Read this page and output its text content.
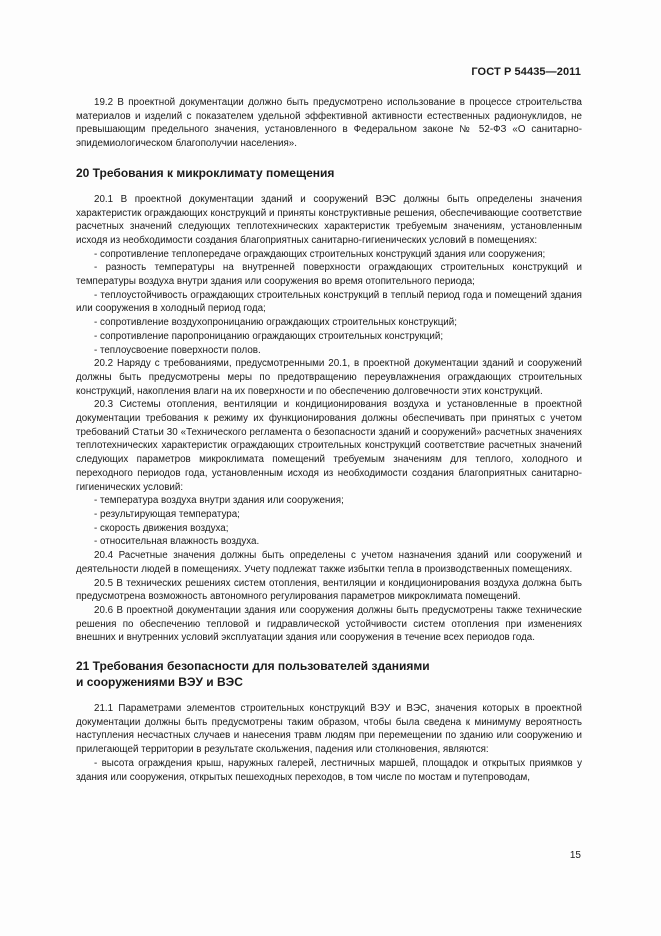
ГОСТ Р 54435—2011

19.2 В проектной документации должно быть предусмотрено использование в процессе строительства материалов и изделий с показателем удельной эффективной активности естественных радионуклидов, не превышающим предельного значения, установленного в Федеральном законе № 52-ФЗ «О санитарно-эпидемиологическом благополучии населения».

20 Требования к микроклимату помещения

20.1 В проектной документации зданий и сооружений ВЭС должны быть определены значения характеристик ограждающих конструкций и приняты конструктивные решения, обеспечивающие соответствие расчетных значений следующих теплотехнических характеристик требуемым значениям, установленным исходя из необходимости создания благоприятных санитарно-гигиенических условий в помещениях:

- сопротивление теплопередаче ограждающих строительных конструкций здания или сооружения;

- разность температуры на внутренней поверхности ограждающих строительных конструкций и температуры воздуха внутри здания или сооружения во время отопительного периода;

- теплоустойчивость ограждающих строительных конструкций в теплый период года и помещений здания или сооружения в холодный период года;

- сопротивление воздухопроницанию ограждающих строительных конструкций;

- сопротивление паропроницанию ограждающих строительных конструкций;

- теплоусвоение поверхности полов.

20.2 Наряду с требованиями, предусмотренными 20.1, в проектной документации зданий и сооружений должны быть предусмотрены меры по предотвращению переувлажнения ограждающих строительных конструкций, накопления влаги на их поверхности и по обеспечению долговечности этих конструкций.

20.3 Системы отопления, вентиляции и кондиционирования воздуха и установленные в проектной документации требования к режиму их функционирования должны обеспечивать при принятых с учетом требований Статьи 30 «Технического регламента о безопасности зданий и сооружений» расчетных значениях теплотехнических характеристик ограждающих строительных конструкций соответствие расчетных значений следующих параметров микроклимата помещений требуемым значениям для теплого, холодного и переходного периодов года, установленным исходя из необходимости создания благоприятных санитарно-гигиенических условий:

- температура воздуха внутри здания или сооружения;

- результирующая температура;

- скорость движения воздуха;

- относительная влажность воздуха.

20.4 Расчетные значения должны быть определены с учетом назначения зданий или сооружений и деятельности людей в помещениях. Учету подлежат также избытки тепла в производственных помещениях.

20.5 В технических решениях систем отопления, вентиляции и кондиционирования воздуха должна быть предусмотрена возможность автономного регулирования параметров микроклимата помещений.

20.6 В проектной документации здания или сооружения должны быть предусмотрены также технические решения по обеспечению тепловой и гидравлической устойчивости систем отопления при изменениях внешних и внутренних условий эксплуатации здания или сооружения в течение всех периодов года.

21 Требования безопасности для пользователей зданиями
и сооружениями ВЭУ и ВЭС

21.1 Параметрами элементов строительных конструкций ВЭУ и ВЭС, значения которых в проектной документации должны быть предусмотрены таким образом, чтобы была сведена к минимуму вероятность наступления несчастных случаев и нанесения травм людям при перемещении по зданию или сооружению и прилегающей территории в результате скольжения, падения или столкновения, являются:

- высота ограждения крыш, наружных галерей, лестничных маршей, площадок и открытых приямков у здания или сооружения, открытых пешеходных переходов, в том числе по мостам и путепроводам,

15
